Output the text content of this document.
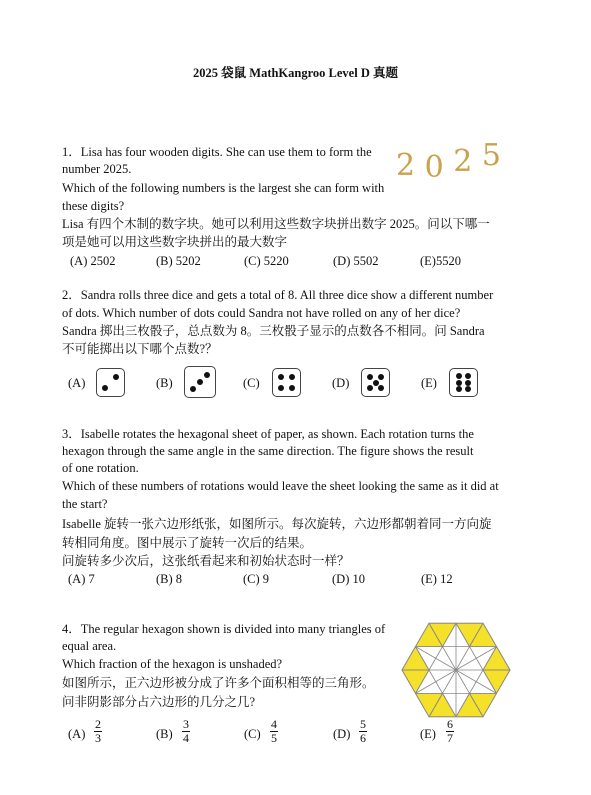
2025 袋鼠 MathKangroo Level D 真题
1．Lisa has four wooden digits. She can use them to form the
number 2025.
Which of the following numbers is the largest she can form with
these digits?
Lisa 有四个木制的数字块。她可以利用这些数字块拼出数字 2025。问以下哪一
项是她可以用这些数字块拼出的最大数字
2 0 2 5
(A) 2502	(B) 5202	(C) 5220	(D) 5502	(E)5520
2．Sandra rolls three dice and gets a total of 8. All three dice show a different number
of dots. Which number of dots could Sandra not have rolled on any of her dice?
Sandra 掷出三枚骰子，总点数为 8。三枚骰子显示的点数各不相同。问 Sandra
不可能掷出以下哪个点数?？
(A)	(B)	(C)	(D)	(E)
3．Isabelle rotates the hexagonal sheet of paper, as shown. Each rotation turns the
hexagon through the same angle in the same direction. The figure shows the result
of one rotation.
Which of these numbers of rotations would leave the sheet looking the same as it did at
the start?
Isabelle 旋转一张六边形纸张，如图所示。每次旋转，六边形都朝着同一方向旋
转相同角度。图中展示了旋转一次后的结果。
问旋转多少次后，这张纸看起来和初始状态时一样？
(A) 7	(B) 8	(C) 9	(D) 10	(E) 12
4．The regular hexagon shown is divided into many triangles of
equal area.
Which fraction of the hexagon is unshaded?
如图所示，正六边形被分成了许多个面积相等的三角形。
问非阴影部分占六边形的几分之几?
$(A) \frac{2}{3}$	$(B) \frac{3}{4}$	$(C) \frac{4}{5}$	$(D) \frac{5}{6}$	$(E) \frac{6}{7}$
